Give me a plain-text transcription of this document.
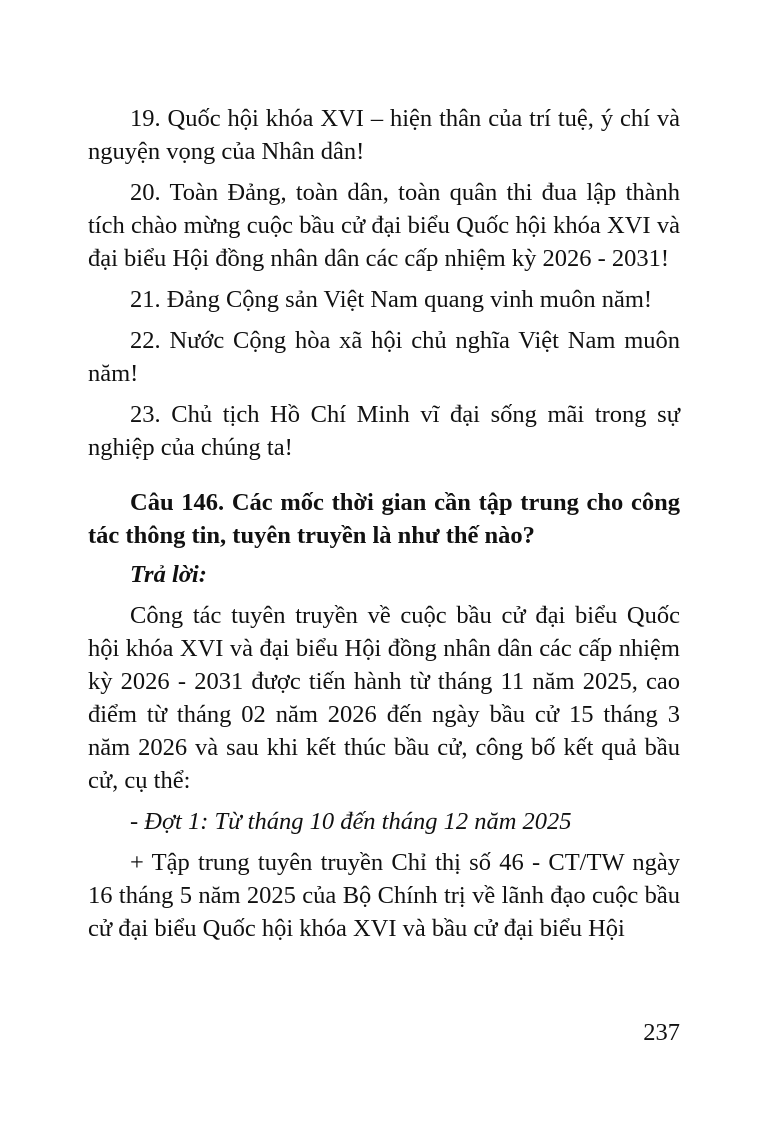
19. Quốc hội khóa XVI – hiện thân của trí tuệ, ý chí và nguyện vọng của Nhân dân!

20. Toàn Đảng, toàn dân, toàn quân thi đua lập thành tích chào mừng cuộc bầu cử đại biểu Quốc hội khóa XVI và đại biểu Hội đồng nhân dân các cấp nhiệm kỳ 2026 - 2031!

21. Đảng Cộng sản Việt Nam quang vinh muôn năm!

22. Nước Cộng hòa xã hội chủ nghĩa Việt Nam muôn năm!

23. Chủ tịch Hồ Chí Minh vĩ đại sống mãi trong sự nghiệp của chúng ta!

Câu 146. Các mốc thời gian cần tập trung cho công tác thông tin, tuyên truyền là như thế nào?

Trả lời:

Công tác tuyên truyền về cuộc bầu cử đại biểu Quốc hội khóa XVI và đại biểu Hội đồng nhân dân các cấp nhiệm kỳ 2026 - 2031 được tiến hành từ tháng 11 năm 2025, cao điểm từ tháng 02 năm 2026 đến ngày bầu cử 15 tháng 3 năm 2026 và sau khi kết thúc bầu cử, công bố kết quả bầu cử, cụ thể:

- Đợt 1: Từ tháng 10 đến tháng 12 năm 2025

+ Tập trung tuyên truyền Chỉ thị số 46 - CT/TW ngày 16 tháng 5 năm 2025 của Bộ Chính trị về lãnh đạo cuộc bầu cử đại biểu Quốc hội khóa XVI và bầu cử đại biểu Hội

237
